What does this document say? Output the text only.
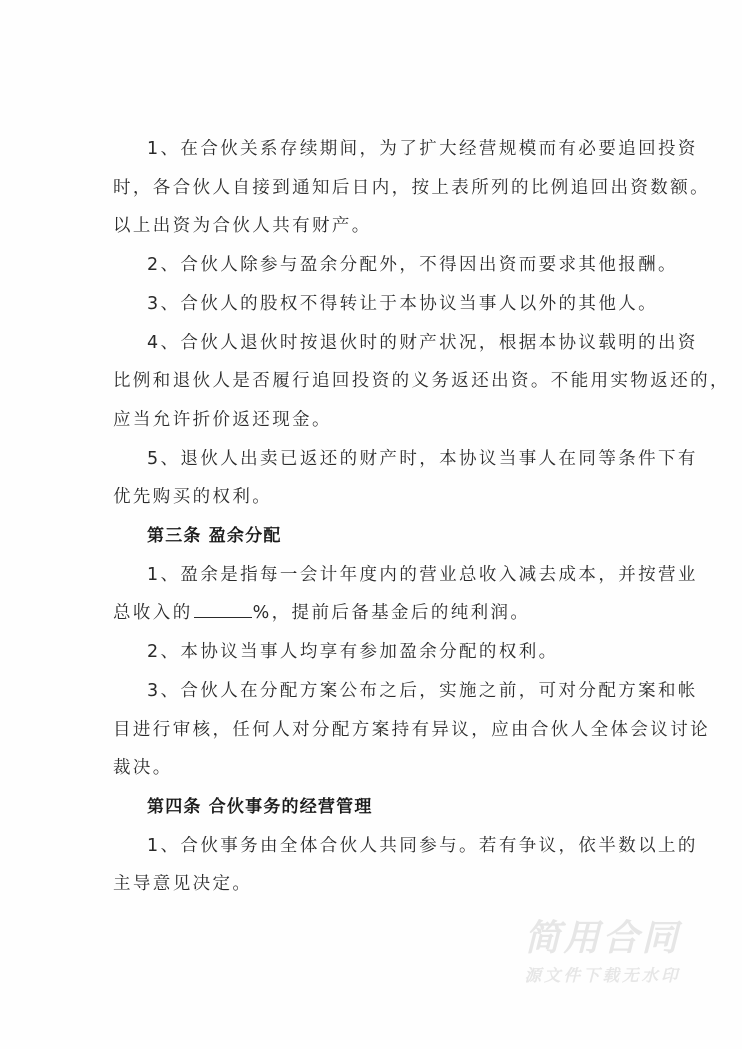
1、在合伙关系存续期间，为了扩大经营规模而有必要追回投资
时，各合伙人自接到通知后日内，按上表所列的比例追回出资数额。
以上出资为合伙人共有财产。

2、合伙人除参与盈余分配外，不得因出资而要求其他报酬。

3、合伙人的股权不得转让于本协议当事人以外的其他人。

4、合伙人退伙时按退伙时的财产状况，根据本协议载明的出资
比例和退伙人是否履行追回投资的义务返还出资。不能用实物返还的，
应当允许折价返还现金。

5、退伙人出卖已返还的财产时，本协议当事人在同等条件下有
优先购买的权利。

第三条 盈余分配

1、盈余是指每一会计年度内的营业总收入减去成本，并按营业
总收入的	%，提前后备基金后的纯利润。

2、本协议当事人均享有参加盈余分配的权利。

3、合伙人在分配方案公布之后，实施之前，可对分配方案和帐
目进行审核，任何人对分配方案持有异议，应由合伙人全体会议讨论
裁决。

第四条 合伙事务的经营管理

1、合伙事务由全体合伙人共同参与。若有争议，依半数以上的
主导意见决定。

简用合同
源文件下载无水印
